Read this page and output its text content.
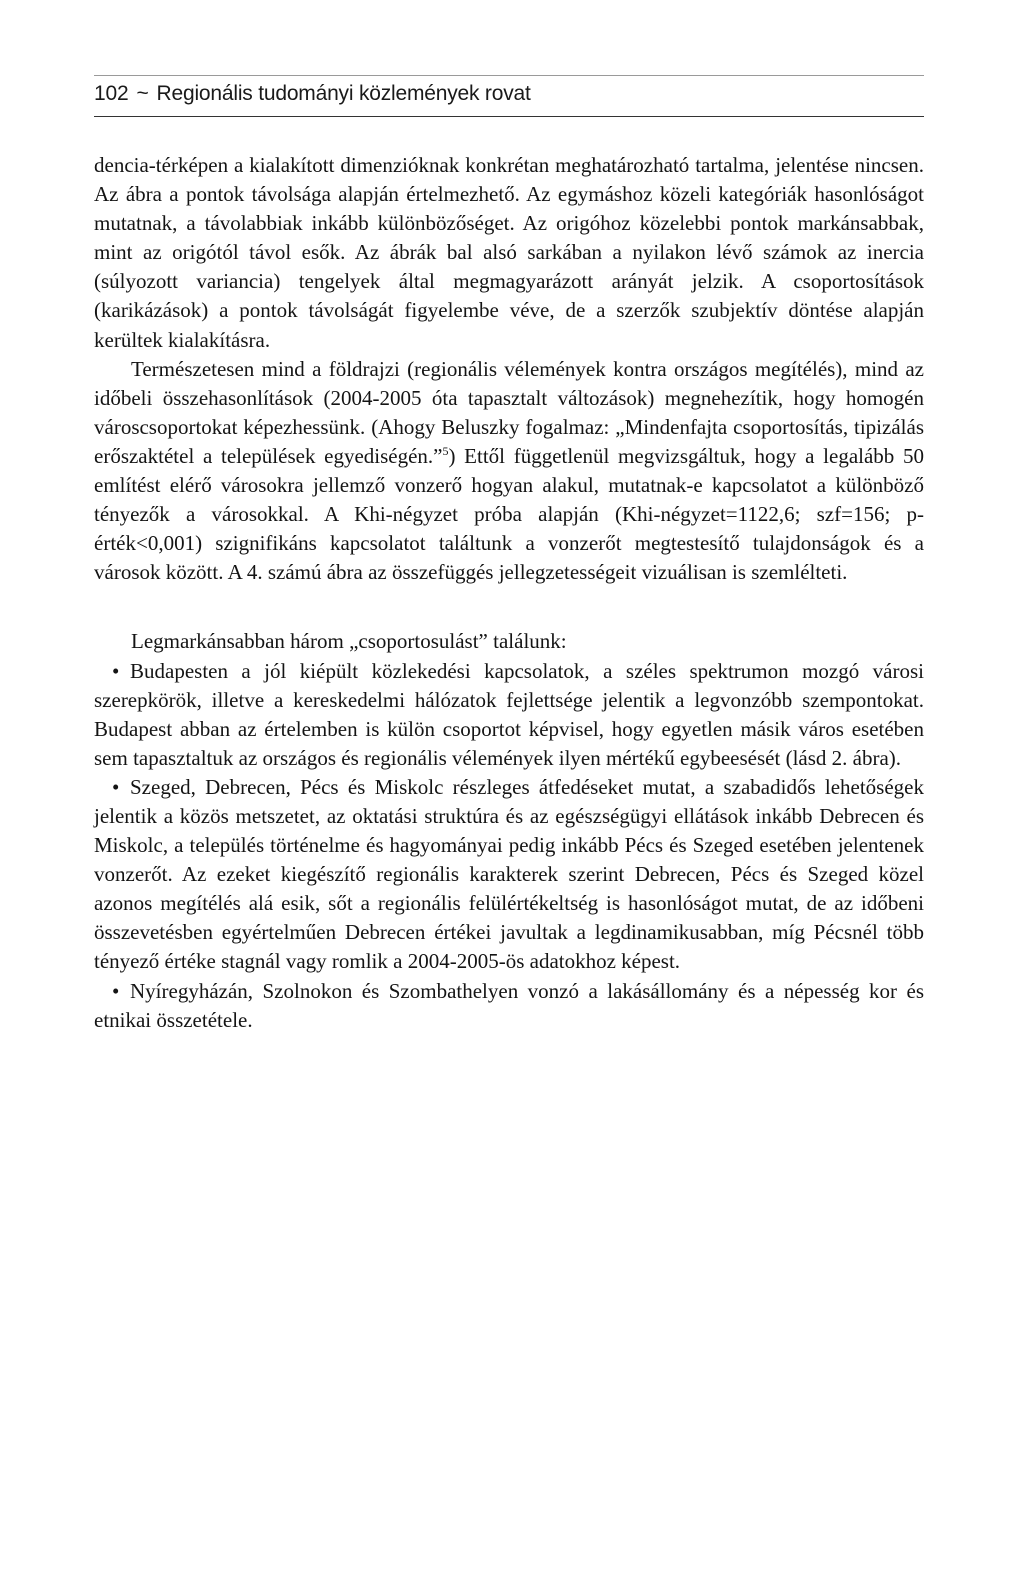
102 ~ Regionális tudományi közlemények rovat

dencia-térképen a kialakított dimenzióknak konkrétan meghatározható tartalma, jelentése nincsen. Az ábra a pontok távolsága alapján értelmezhető. Az egymáshoz közeli kategóriák hasonlóságot mutatnak, a távolabbiak inkább különbözőséget. Az origóhoz közelebbi pontok markánsabbak, mint az origótól távol esők. Az ábrák bal alsó sarkában a nyilakon lévő számok az inercia (súlyozott variancia) tengelyek által megmagyarázott arányát jelzik. A csoportosítások (karikázások) a pontok távolságát figyelembe véve, de a szerzők szubjektív döntése alapján kerültek kialakításra.

Természetesen mind a földrajzi (regionális vélemények kontra országos megítélés), mind az időbeli összehasonlítások (2004-2005 óta tapasztalt változások) megnehezítik, hogy homogén városcsoportokat képezhessünk. (Ahogy Beluszky fogalmaz: „Mindenfajta csoportosítás, tipizálás erőszaktétel a települések egyediségén.”$^5$) Ettől függetlenül megvizsgáltuk, hogy a legalább 50 említést elérő városokra jellemző vonzerő hogyan alakul, mutatnak-e kapcsolatot a különböző tényezők a városokkal. A Khi-négyzet próba alapján (Khi-négyzet=1122,6; szf=156; p-érték<0,001) szignifikáns kapcsolatot találtunk a vonzerőt megtestesítő tulajdonságok és a városok között. A 4. számú ábra az összefüggés jellegzetességeit vizuálisan is szemlélteti.

Legmarkánsabban három „csoportosulást” találunk:

• Budapesten a jól kiépült közlekedési kapcsolatok, a széles spektrumon mozgó városi szerepkörök, illetve a kereskedelmi hálózatok fejlettsége jelentik a legvonzóbb szempontokat. Budapest abban az értelemben is külön csoportot képvisel, hogy egyetlen másik város esetében sem tapasztaltuk az országos és regionális vélemények ilyen mértékű egybeesését (lásd 2. ábra).

• Szeged, Debrecen, Pécs és Miskolc részleges átfedéseket mutat, a szabadidős lehetőségek jelentik a közös metszetet, az oktatási struktúra és az egészségügyi ellátások inkább Debrecen és Miskolc, a település történelme és hagyományai pedig inkább Pécs és Szeged esetében jelentenek vonzerőt. Az ezeket kiegészítő regionális karakterek szerint Debrecen, Pécs és Szeged közel azonos megítélés alá esik, sőt a regionális felülértékeltség is hasonlóságot mutat, de az időbeni összevetésben egyértelműen Debrecen értékei javultak a legdinamikusabban, míg Pécsnél több tényező értéke stagnál vagy romlik a 2004-2005-ös adatokhoz képest.

• Nyíregyházán, Szolnokon és Szombathelyen vonzó a lakásállomány és a népesség kor és etnikai összetétele.
